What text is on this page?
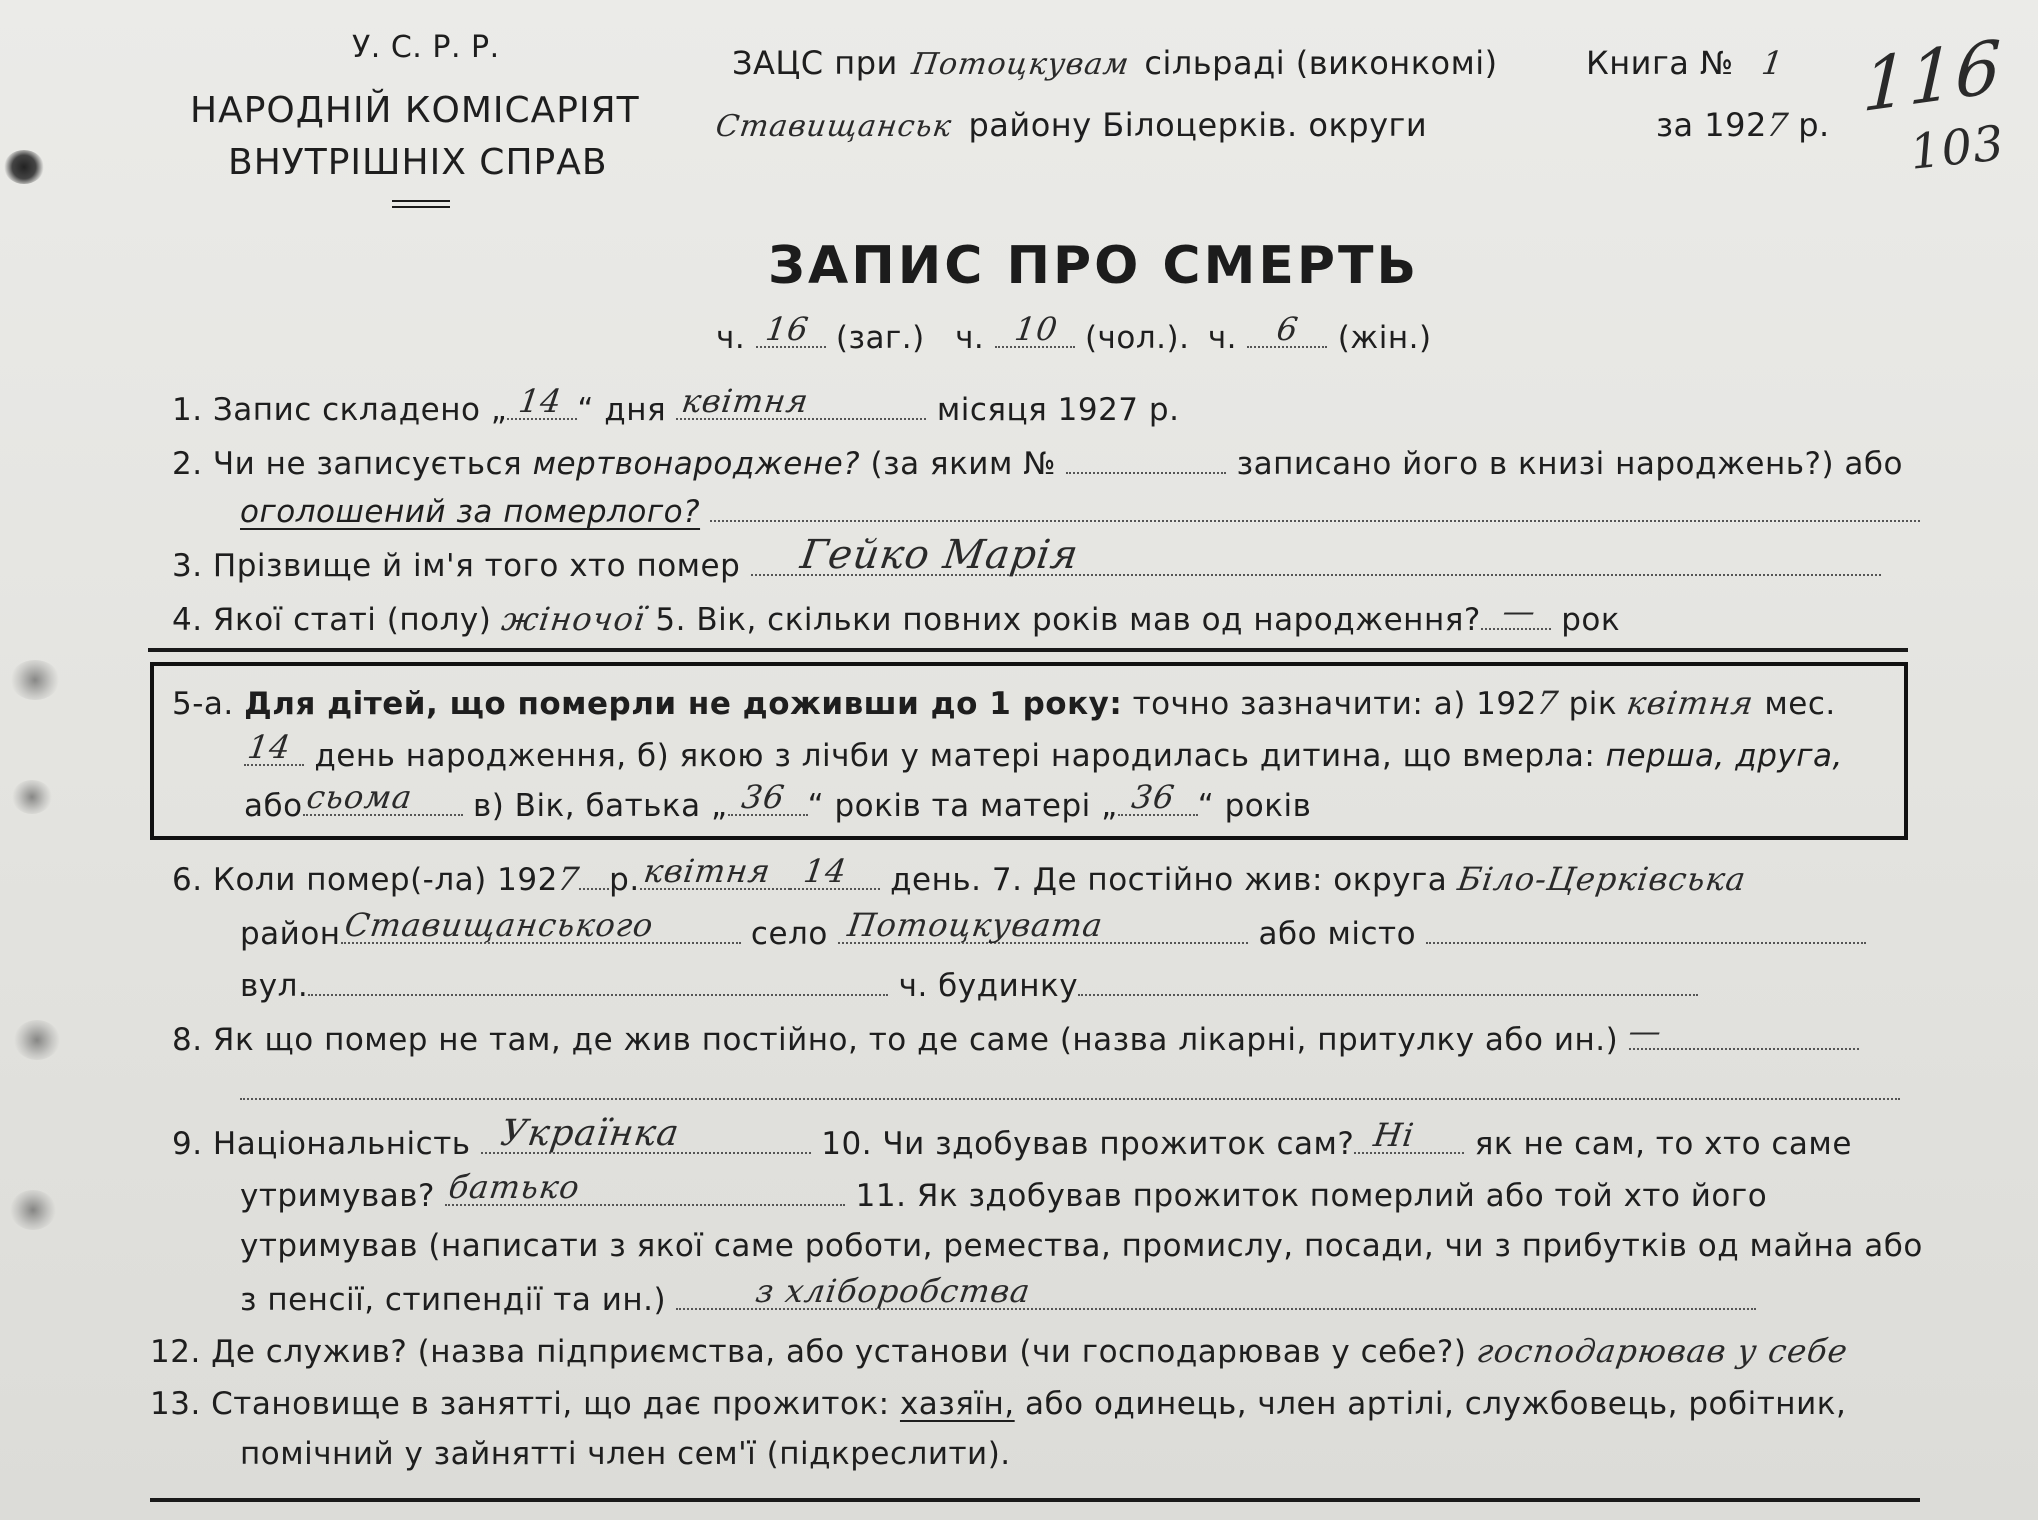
У. С. Р. Р.
НАРОДНІЙ КОМІСАРІЯТ
ВНУТРІШНІХ СПРАВ
ЗАЦС при Потоцкувам сільраді (виконкомі)
Ставищанськ району Білоцерків. округи
Книга № 1
за 1927 р. 116
103
ЗАПИС ПРО СМЕРТЬ
ч. 16 (заг.) ч. 10 (чол.). ч. 6 (жін.)
1. Запис складено „ 14 “ дня квітня	місяця 1927 р.
2. Чи не записується мертвонароджене? (за яким №	записано його в книзі народжень?) або
оголошений за померлого?
3. Прізвище й ім'я того хто помер Гейко Марія
4. Якої статі (полу) жіночої 5. Вік, скільки повних років мав од народження? — рок
5-а. Для дітей, що померли не доживши до 1 року: точно зазначити: а) 1927 рік квітня мес.
14 день народження, б) якою з лічби у матері народилась дитина, що вмерла: перша, друга,
або сьома в) Вік, батька „ 36 “ років та матері „ 36 “ років
6. Коли помер(-ла) 1927 р. квітня 14 день. 7. Де постійно жив: округа Біло-Церківська
район Ставищанського	село Потоцкувата	або місто
вул.	ч. будинку
8. Як що помер не там, де жив постійно, то де саме (назва лікарні, притулку або ин.) —
9. Національність Українка	10. Чи здобував прожиток сам? Ні як не сам, то хто саме
утримував? батько	11. Як здобував прожиток померлий або той хто його
утримував (написати з якої саме роботи, ремества, промислу, посади, чи з прибутків од майна або
з пенсії, стипендії та ин.)	з хліборобства
12. Де служив? (назва підприємства, або установи (чи господарював у себе?) господарював у себе
13. Становище в занятті, що дає прожиток: хазяїн, або одинець, член артілі, службовець, робітник,
помічний у зайнятті член сем'ї (підкреслити).
